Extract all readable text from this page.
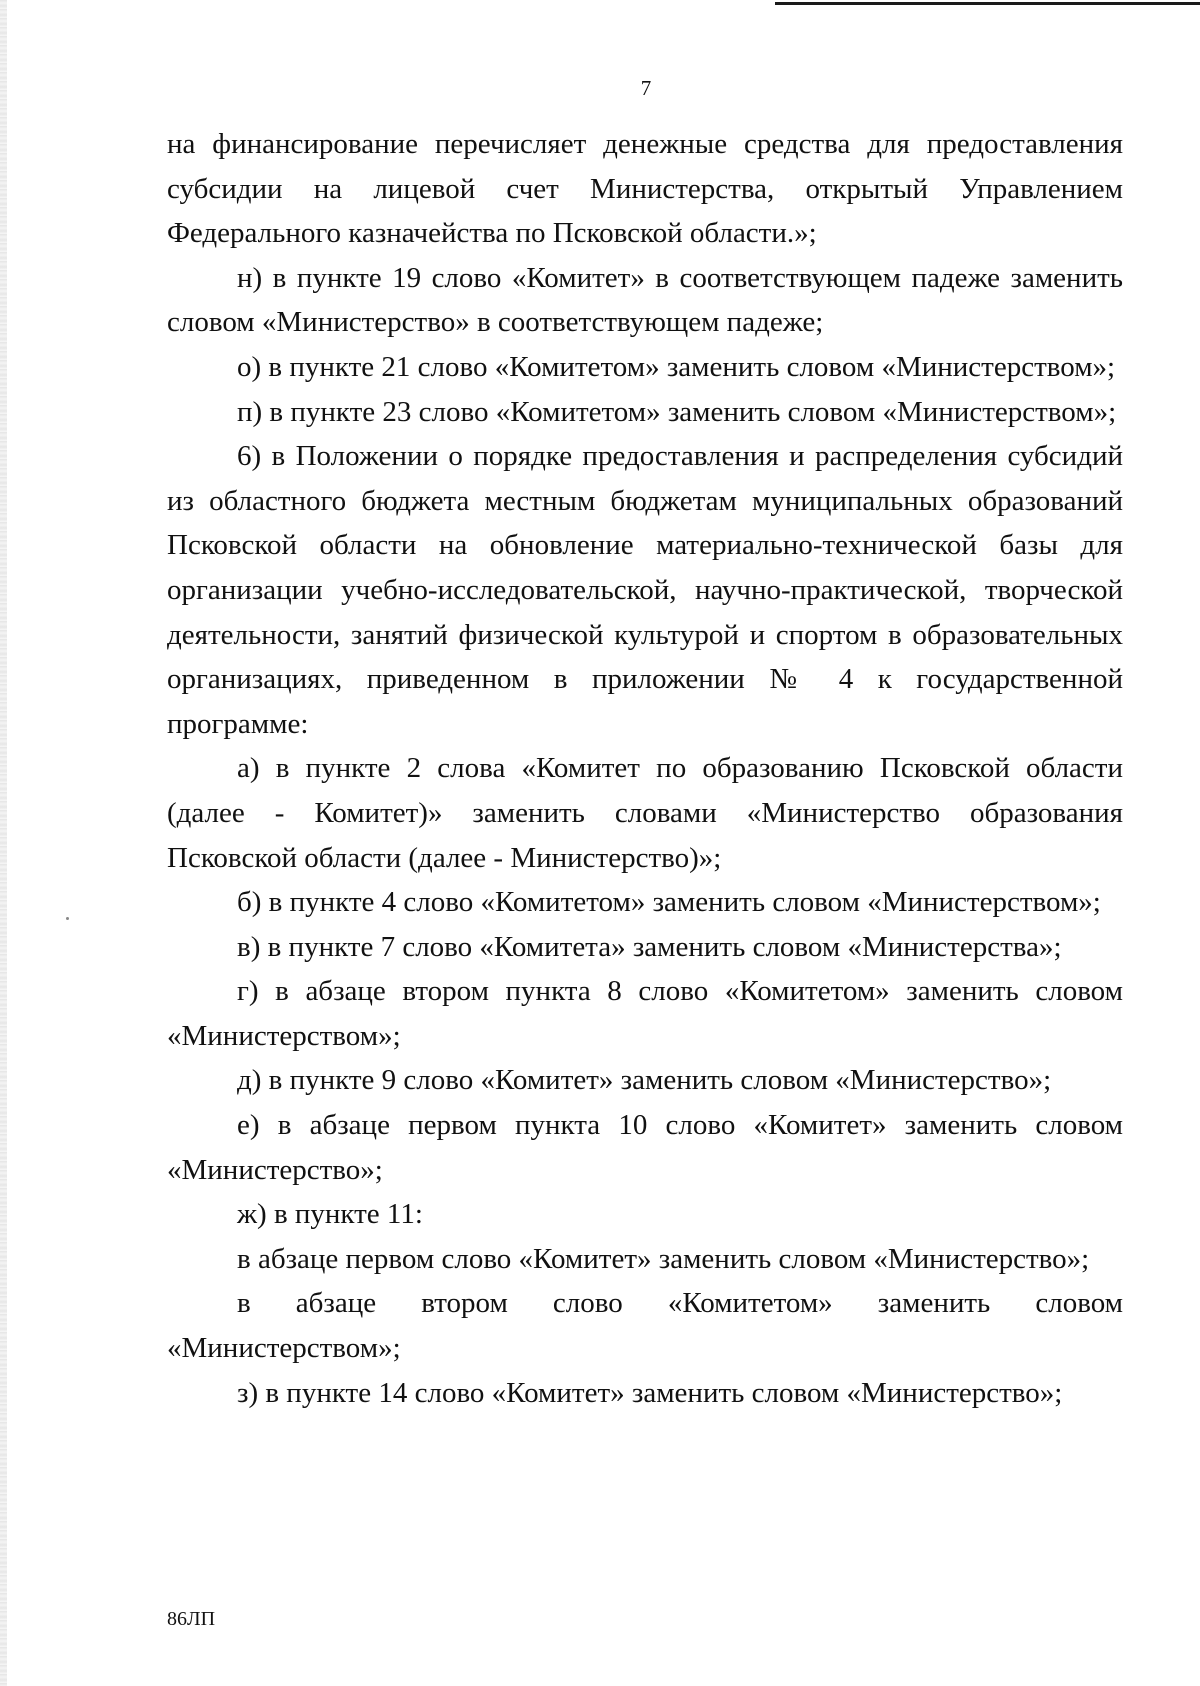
7

на финансирование перечисляет денежные средства для предоставления субсидии на лицевой счет Министерства, открытый Управлением Федерального казначейства по Псковской области.»;

н) в пункте 19 слово «Комитет» в соответствующем падеже заменить словом «Министерство» в соответствующем падеже;

о) в пункте 21 слово «Комитетом» заменить словом «Министерством»;

п) в пункте 23 слово «Комитетом» заменить словом «Министерством»;

6) в Положении о порядке предоставления и распределения субсидий из областного бюджета местным бюджетам муниципальных образований Псковской области на обновление материально-технической базы для организации учебно-исследовательской, научно-практической, творческой деятельности, занятий физической культурой и спортом в образовательных организациях, приведенном в приложении № 4 к государственной программе:

а) в пункте 2 слова «Комитет по образованию Псковской области (далее - Комитет)» заменить словами «Министерство образования Псковской области (далее - Министерство)»;

б) в пункте 4 слово «Комитетом» заменить словом «Министерством»;

в) в пункте 7 слово «Комитета» заменить словом «Министерства»;

г) в абзаце втором пункта 8 слово «Комитетом» заменить словом «Министерством»;

д) в пункте 9 слово «Комитет» заменить словом «Министерство»;

е) в абзаце первом пункта 10 слово «Комитет» заменить словом «Министерство»;

ж) в пункте 11:

в абзаце первом слово «Комитет» заменить словом «Министерство»;

в абзаце втором слово «Комитетом» заменить словом «Министерством»;

з) в пункте 14 слово «Комитет» заменить словом «Министерство»;

86ЛП
